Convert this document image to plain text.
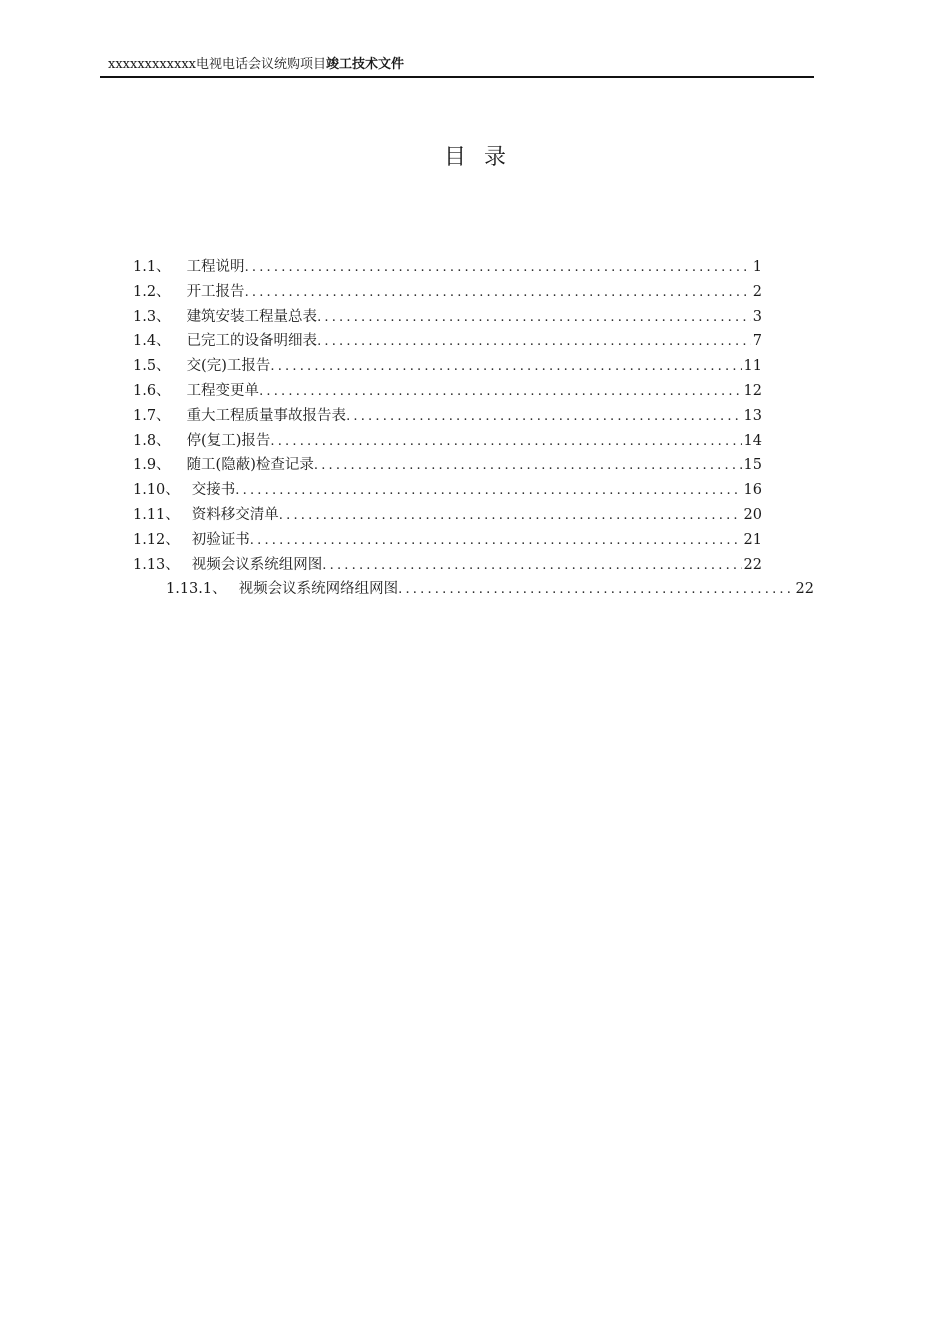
xxxxxxxxxxxx电视电话会议统购项目竣工技术文件
目录
1.1、 工程说明 .....	1
1.2、 开工报告 .....	2
1.3、 建筑安装工程量总表 .....	3
1.4、 已完工的设备明细表 .....	7
1.5、 交(完)工报告 .....	11
1.6、 工程变更单 .....	12
1.7、 重大工程质量事故报告表 .....	13
1.8、 停(复工)报告 .....	14
1.9、 随工(隐蔽)检查记录 .....	15
1.10、 交接书 .....	16
1.11、 资料移交清单 .....	20
1.12、 初验证书 .....	21
1.13、 视频会议系统组网图 .....	22
1.13.1、 视频会议系统网络组网图 .....	22
